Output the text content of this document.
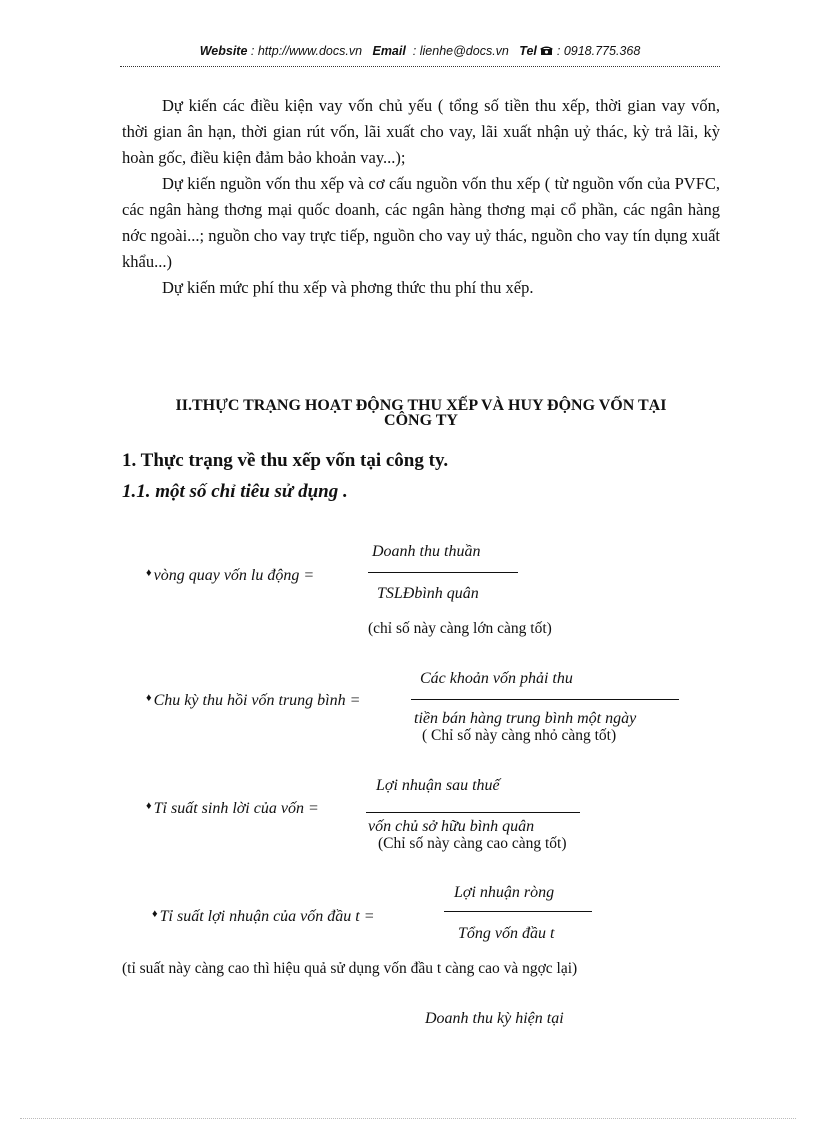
Website : http://www.docs.vn Email : lienhe@docs.vn Tel : 0918.775.368
Dự kiến các điều kiện vay vốn chủ yếu ( tổng số tiền thu xếp, thời gian vay vốn, thời gian ân hạn, thời gian rút vốn, lãi xuất cho vay, lãi xuất nhận uỷ thác, kỳ trả lãi, kỳ hoàn gốc, điều kiện đảm bảo khoản vay...);
Dự kiến nguồn vốn thu xếp và cơ cấu nguồn vốn thu xếp ( từ nguồn vốn của PVFC, các ngân hàng thơng mại quốc doanh, các ngân hàng thơng mại cổ phần, các ngân hàng nớc ngoài...; nguồn cho vay trực tiếp, nguồn cho vay uỷ thác, nguồn cho vay tín dụng xuất khẩu...)
Dự kiến mức phí thu xếp và phơng thức thu phí thu xếp.
II.THỰC TRẠNG HOẠT ĐỘNG THU XẾP VÀ HUY ĐỘNG VỐN TẠI
CÔNG TY
1. Thực trạng về thu xếp vốn tại công ty.
1.1. một số chỉ tiêu sử dụng .
♦ vòng quay vốn lu động =
Doanh thu thuần
TSLĐbình quân
(chỉ số này càng lớn càng tốt)
♦ Chu kỳ thu hồi vốn trung bình =
Các khoản vốn phải thu
tiền bán hàng trung bình một ngày
( Chỉ số này càng nhỏ càng tốt)
♦ Tỉ suất sinh lời của vốn =
Lợi nhuận sau thuế
vốn chủ sở hữu bình quân
(Chỉ số này càng cao càng tốt)
♦ Tỉ suất lợi nhuận của vốn đầu t =
Lợi nhuận ròng
Tổng vốn đầu t
(tỉ suất này càng cao thì hiệu quả sử dụng vốn đầu t càng cao và ngợc lại)
Doanh thu kỳ hiện tại
